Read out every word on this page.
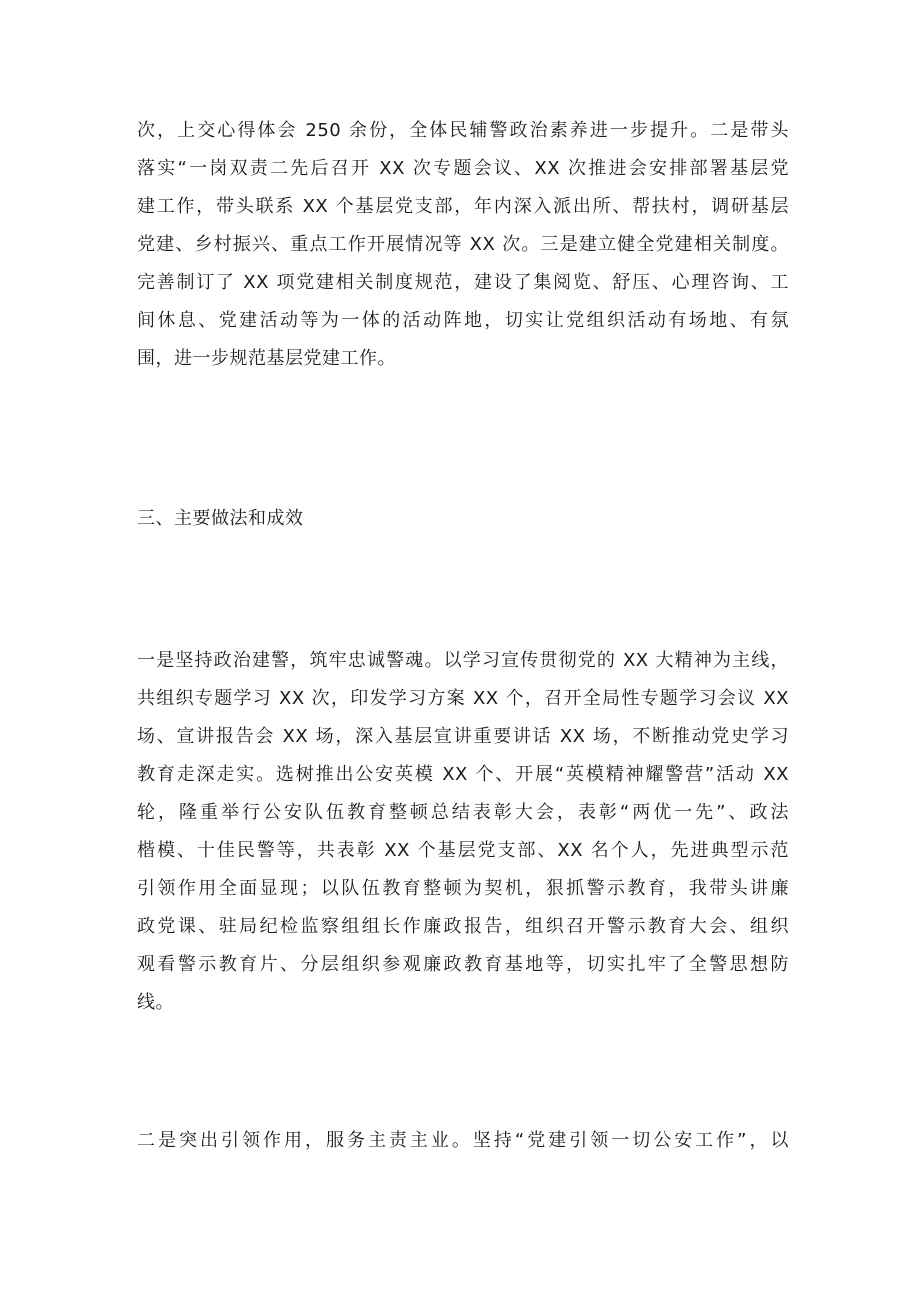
次，上交心得体会 250 余份，全体民辅警政治素养进一步提升。二是带头
落实“一岗双责二先后召开 XX 次专题会议、XX 次推进会安排部署基层党
建工作，带头联系 XX 个基层党支部，年内深入派出所、帮扶村，调研基层
党建、乡村振兴、重点工作开展情况等 XX 次。三是建立健全党建相关制度。
完善制订了 XX 项党建相关制度规范，建设了集阅览、舒压、心理咨询、工
间休息、党建活动等为一体的活动阵地，切实让党组织活动有场地、有氛
围，进一步规范基层党建工作。
三、主要做法和成效
一是坚持政治建警，筑牢忠诚警魂。以学习宣传贯彻党的 XX 大精神为主线，
共组织专题学习 XX 次，印发学习方案 XX 个，召开全局性专题学习会议 XX
场、宣讲报告会 XX 场，深入基层宣讲重要讲话 XX 场，不断推动党史学习
教育走深走实。选树推出公安英模 XX 个、开展“英模精神耀警营”活动 XX
轮，隆重举行公安队伍教育整顿总结表彰大会，表彰“两优一先”、政法
楷模、十佳民警等，共表彰 XX 个基层党支部、XX 名个人，先进典型示范
引领作用全面显现；以队伍教育整顿为契机，狠抓警示教育，我带头讲廉
政党课、驻局纪检监察组组长作廉政报告，组织召开警示教育大会、组织
观看警示教育片、分层组织参观廉政教育基地等，切实扎牢了全警思想防
线。
二是突出引领作用，服务主责主业。坚持“党建引领一切公安工作”，以
